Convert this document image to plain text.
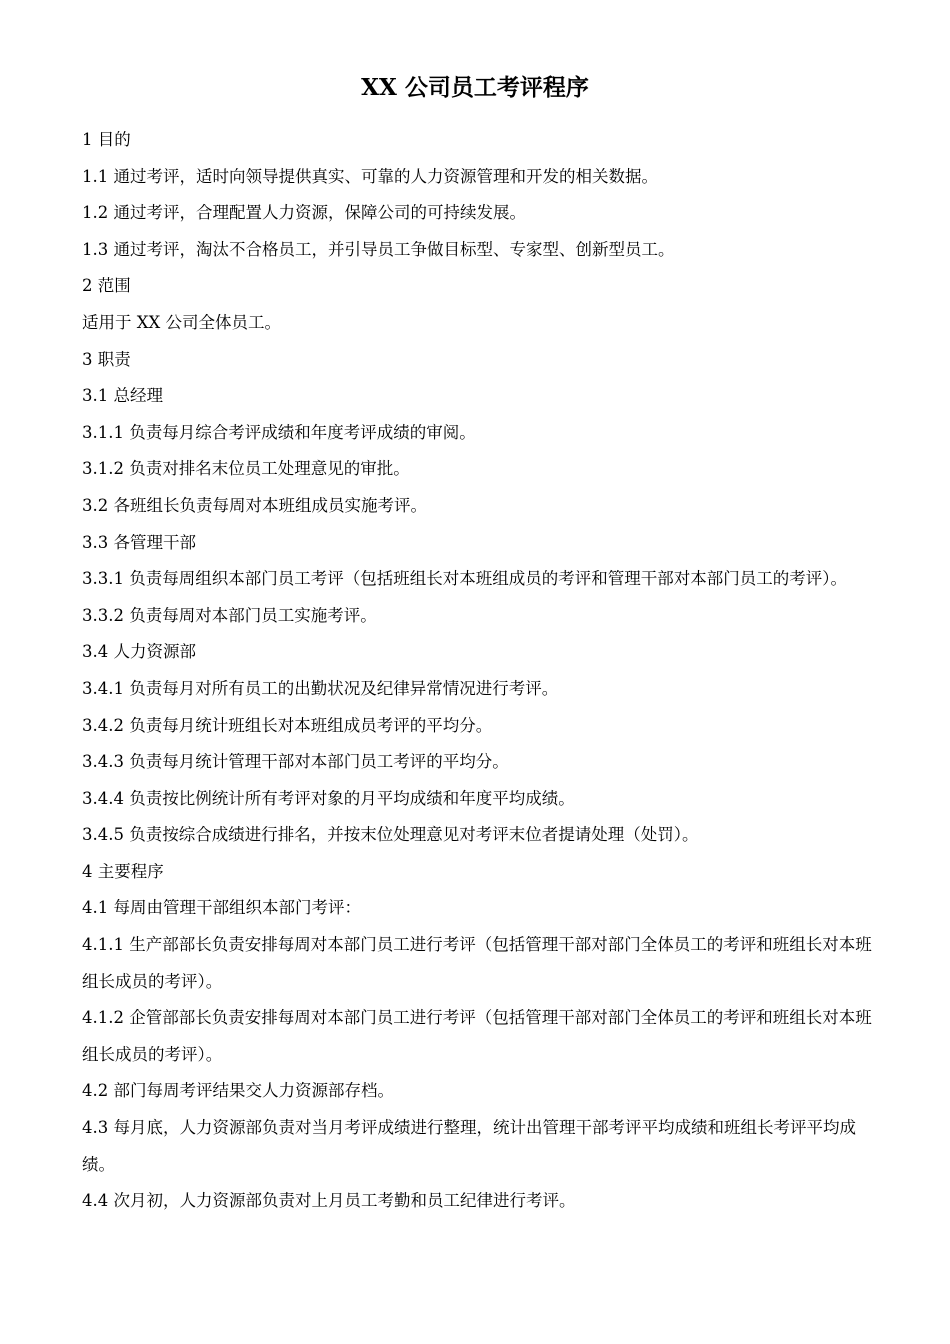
XX 公司员工考评程序

1 目的

1.1 通过考评，适时向领导提供真实、可靠的人力资源管理和开发的相关数据。

1.2 通过考评，合理配置人力资源，保障公司的可持续发展。

1.3 通过考评，淘汰不合格员工，并引导员工争做目标型、专家型、创新型员工。

2 范围

适用于 XX 公司全体员工。

3 职责

3.1 总经理

3.1.1 负责每月综合考评成绩和年度考评成绩的审阅。

3.1.2 负责对排名末位员工处理意见的审批。

3.2 各班组长负责每周对本班组成员实施考评。

3.3 各管理干部

3.3.1 负责每周组织本部门员工考评（包括班组长对本班组成员的考评和管理干部对本部门员工的考评）。

3.3.2 负责每周对本部门员工实施考评。

3.4 人力资源部

3.4.1 负责每月对所有员工的出勤状况及纪律异常情况进行考评。

3.4.2 负责每月统计班组长对本班组成员考评的平均分。

3.4.3 负责每月统计管理干部对本部门员工考评的平均分。

3.4.4 负责按比例统计所有考评对象的月平均成绩和年度平均成绩。

3.4.5 负责按综合成绩进行排名，并按末位处理意见对考评末位者提请处理（处罚）。

4 主要程序

4.1 每周由管理干部组织本部门考评：

4.1.1 生产部部长负责安排每周对本部门员工进行考评（包括管理干部对部门全体员工的考评和班组长对本班组长成员的考评）。

4.1.2 企管部部长负责安排每周对本部门员工进行考评（包括管理干部对部门全体员工的考评和班组长对本班组长成员的考评）。

4.2 部门每周考评结果交人力资源部存档。

4.3 每月底，人力资源部负责对当月考评成绩进行整理，统计出管理干部考评平均成绩和班组长考评平均成绩。

4.4 次月初，人力资源部负责对上月员工考勤和员工纪律进行考评。
